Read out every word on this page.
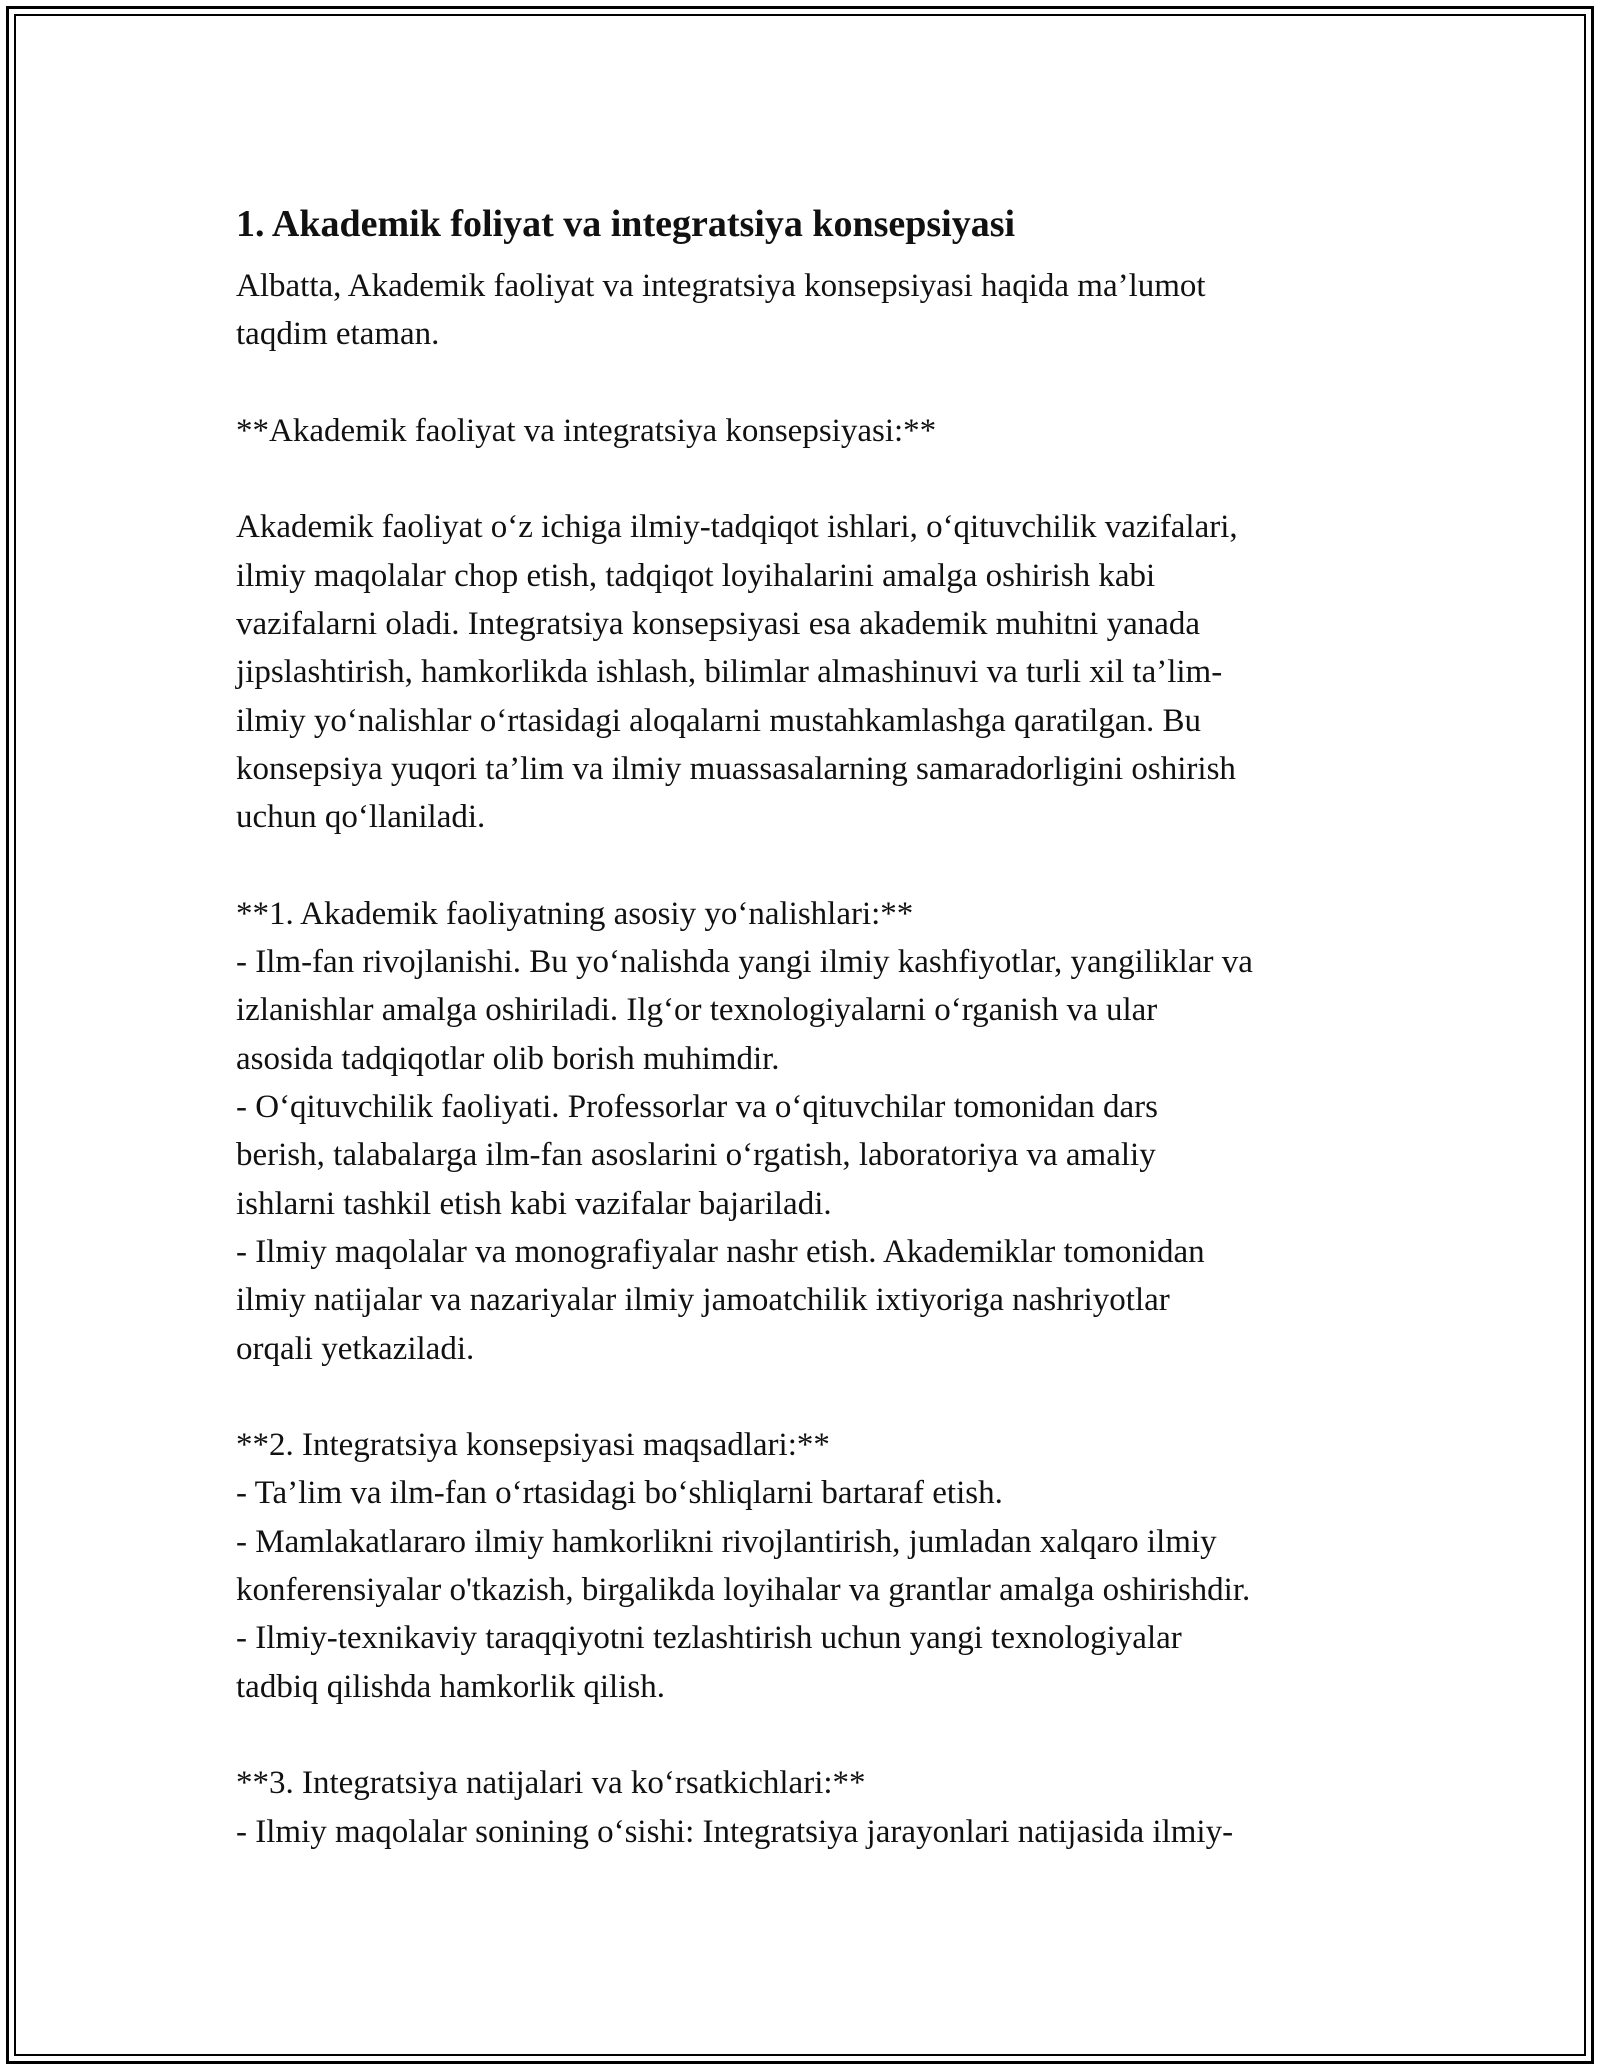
1. Akademik foliyat va integratsiya konsepsiyasi
Albatta, Akademik faoliyat va integratsiya konsepsiyasi haqida ma’lumot
taqdim etaman.
**Akademik faoliyat va integratsiya konsepsiyasi:**
Akademik faoliyat o‘z ichiga ilmiy-tadqiqot ishlari, o‘qituvchilik vazifalari,
ilmiy maqolalar chop etish, tadqiqot loyihalarini amalga oshirish kabi
vazifalarni oladi. Integratsiya konsepsiyasi esa akademik muhitni yanada
jipslashtirish, hamkorlikda ishlash, bilimlar almashinuvi va turli xil ta’lim-
ilmiy yo‘nalishlar o‘rtasidagi aloqalarni mustahkamlashga qaratilgan. Bu
konsepsiya yuqori ta’lim va ilmiy muassasalarning samaradorligini oshirish
uchun qo‘llaniladi.
**1. Akademik faoliyatning asosiy yo‘nalishlari:**
- Ilm-fan rivojlanishi. Bu yo‘nalishda yangi ilmiy kashfiyotlar, yangiliklar va
izlanishlar amalga oshiriladi. Ilg‘or texnologiyalarni o‘rganish va ular
asosida tadqiqotlar olib borish muhimdir.
- O‘qituvchilik faoliyati. Professorlar va o‘qituvchilar tomonidan dars
berish, talabalarga ilm-fan asoslarini o‘rgatish, laboratoriya va amaliy
ishlarni tashkil etish kabi vazifalar bajariladi.
- Ilmiy maqolalar va monografiyalar nashr etish. Akademiklar tomonidan
ilmiy natijalar va nazariyalar ilmiy jamoatchilik ixtiyoriga nashriyotlar
orqali yetkaziladi.
**2. Integratsiya konsepsiyasi maqsadlari:**
- Ta’lim va ilm-fan o‘rtasidagi bo‘shliqlarni bartaraf etish.
- Mamlakatlararo ilmiy hamkorlikni rivojlantirish, jumladan xalqaro ilmiy
konferensiyalar o'tkazish, birgalikda loyihalar va grantlar amalga oshirishdir.
- Ilmiy-texnikaviy taraqqiyotni tezlashtirish uchun yangi texnologiyalar
tadbiq qilishda hamkorlik qilish.
**3. Integratsiya natijalari va ko‘rsatkichlari:**
- Ilmiy maqolalar sonining o‘sishi: Integratsiya jarayonlari natijasida ilmiy-
